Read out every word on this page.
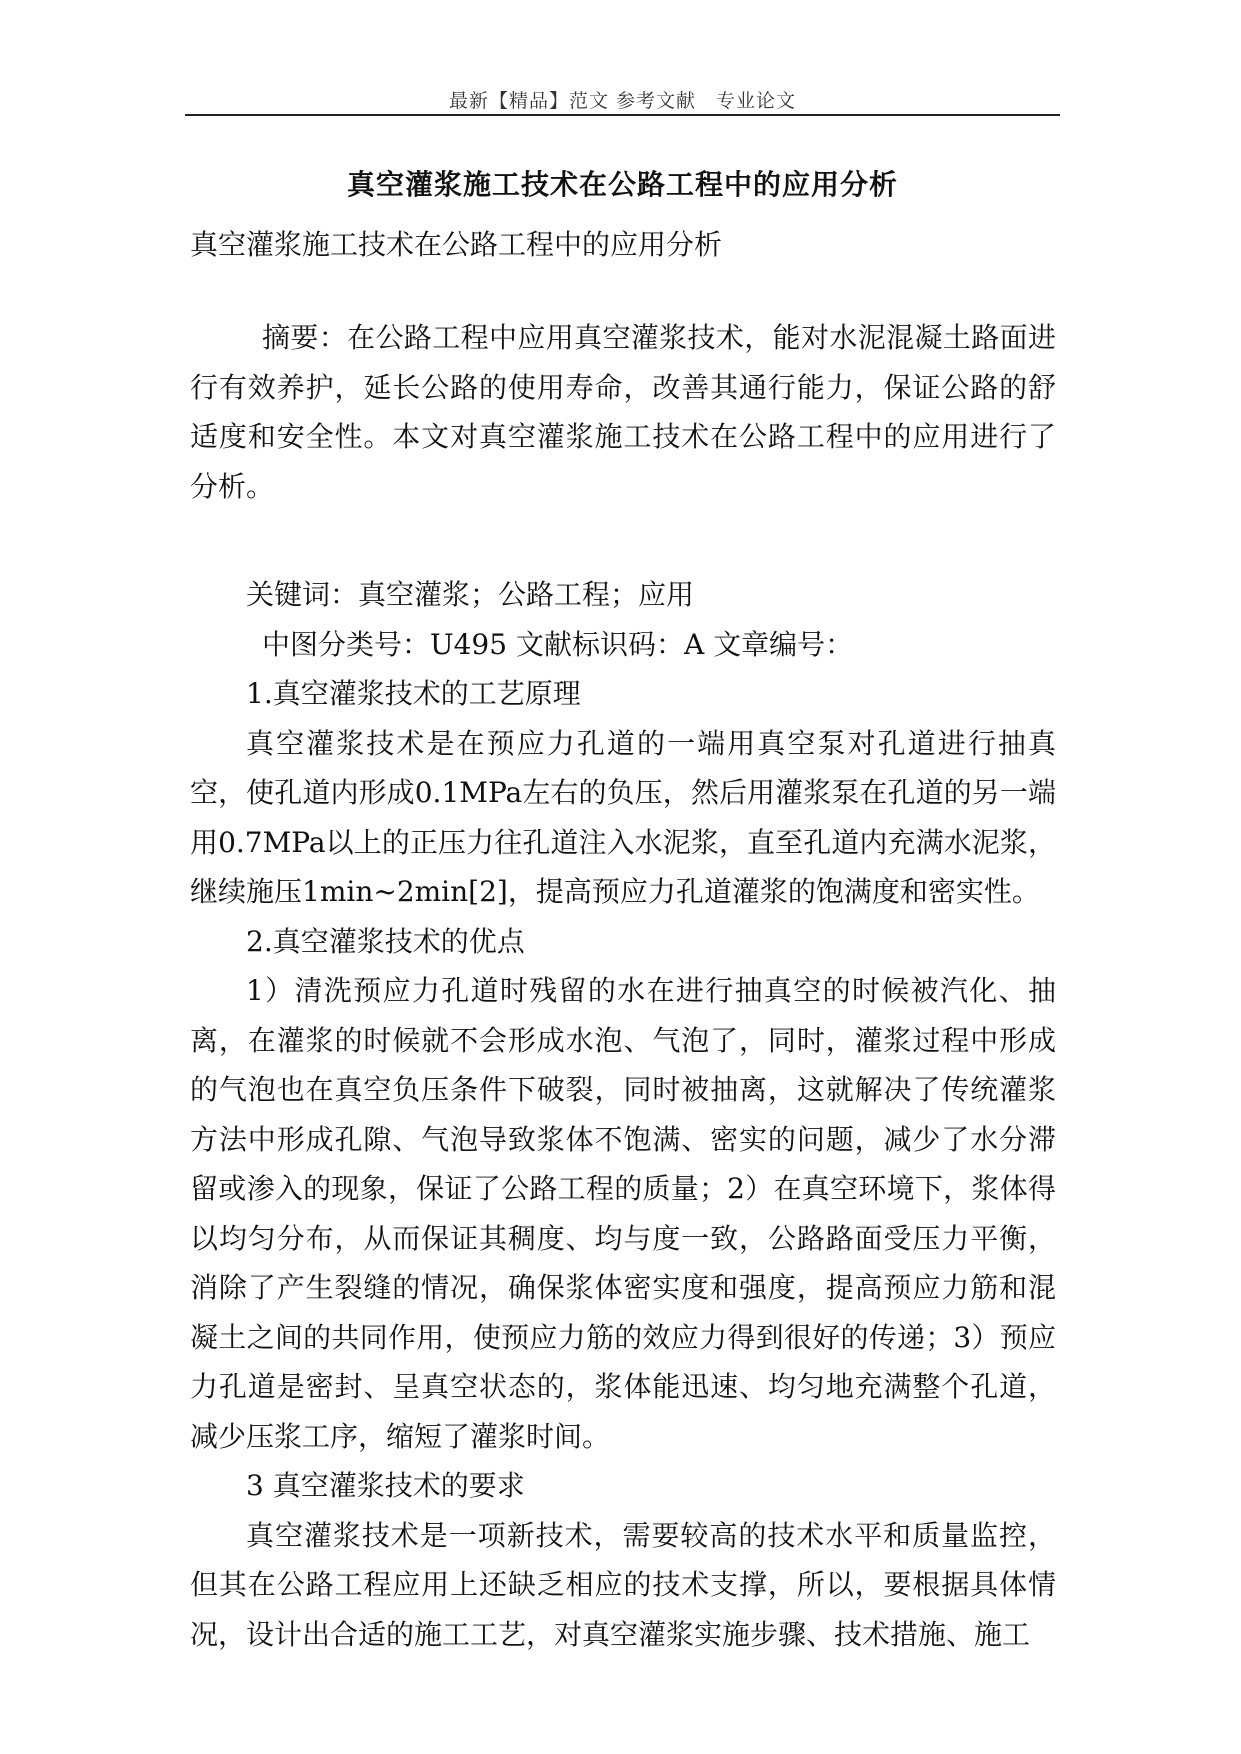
最新【精品】范文 参考文献　专业论文
真空灌浆施工技术在公路工程中的应用分析
真空灌浆施工技术在公路工程中的应用分析

摘要：在公路工程中应用真空灌浆技术，能对水泥混凝土路面进行有效养护，延长公路的使用寿命，改善其通行能力，保证公路的舒适度和安全性。本文对真空灌浆施工技术在公路工程中的应用进行了分析。

关键词：真空灌浆；公路工程；应用

中图分类号：U495 文献标识码：A 文章编号：

1.真空灌浆技术的工艺原理

真空灌浆技术是在预应力孔道的一端用真空泵对孔道进行抽真空，使孔道内形成0.1MPa左右的负压，然后用灌浆泵在孔道的另一端用0.7MPa以上的正压力往孔道注入水泥浆，直至孔道内充满水泥浆，继续施压1min~2min[2]，提高预应力孔道灌浆的饱满度和密实性。

2.真空灌浆技术的优点

1）清洗预应力孔道时残留的水在进行抽真空的时候被汽化、抽离，在灌浆的时候就不会形成水泡、气泡了，同时，灌浆过程中形成的气泡也在真空负压条件下破裂，同时被抽离，这就解决了传统灌浆方法中形成孔隙、气泡导致浆体不饱满、密实的问题，减少了水分滞留或渗入的现象，保证了公路工程的质量；2）在真空环境下，浆体得以均匀分布，从而保证其稠度、均与度一致，公路路面受压力平衡，消除了产生裂缝的情况，确保浆体密实度和强度，提高预应力筋和混凝土之间的共同作用，使预应力筋的效应力得到很好的传递；3）预应力孔道是密封、呈真空状态的，浆体能迅速、均匀地充满整个孔道，减少压浆工序，缩短了灌浆时间。

3 真空灌浆技术的要求

真空灌浆技术是一项新技术，需要较高的技术水平和质量监控，但其在公路工程应用上还缺乏相应的技术支撑，所以，要根据具体情况，设计出合适的施工工艺，对真空灌浆实施步骤、技术措施、施工
